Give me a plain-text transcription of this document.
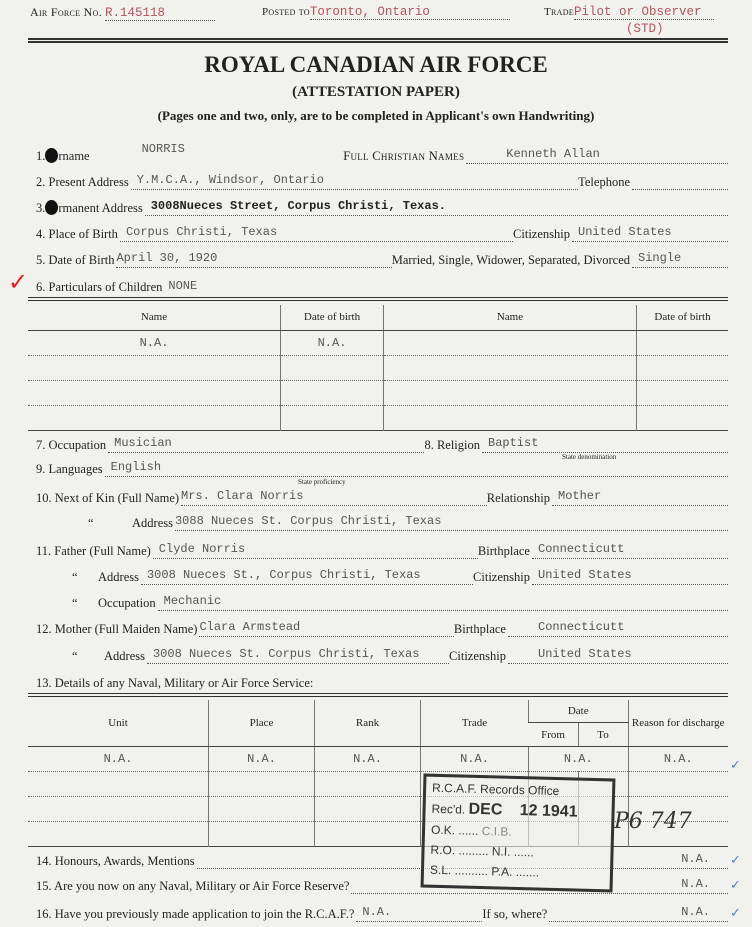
Air Force No. R.145118	Posted toToronto, Ontario	TradePilot or Observer
(STD)
ROYAL CANADIAN AIR FORCE
(ATTESTATION PAPER)
(Pages one and two, only, are to be completed in Applicant's own Handwriting)
1. rname	NORRIS	Full Christian Names	Kenneth Allan
2. Present Address Y.M.C.A., Windsor, Ontario	Telephone
3. rmanent Address 3008Nueces Street, Corpus Christi, Texas.
4. Place of Birth Corpus Christi, Texas	Citizenship United States
5. Date of Birth April 30, 1920	Married, Single, Widower, Separated, Divorced Single
✓ 6. Particulars of Children NONE
Name	Date of birth	Name	Date of birth
N.A.	N.A.		

7. Occupation Musician	8. Religion Baptist
State denomination
9. Languages English
State proficiency
10. Next of Kin (Full Name) Mrs. Clara Norris	Relationship Mother
“	Address 3088 Nueces St. Corpus Christi, Texas
11. Father (Full Name) Clyde Norris	Birthplace Connecticutt
“	Address 3008 Nueces St., Corpus Christi, Texas	Citizenship United States
“	Occupation Mechanic
12. Mother (Full Maiden Name) Clara Armstead	Birthplace	Connecticutt
“	Address 3008 Nueces St. Corpus Christi, Texas	Citizenship	United States
13. Details of any Naval, Military or Air Force Service:
Unit	Place	Rank	Trade	Date		Reason for discharge
				From	To	
N.A.	N.A.	N.A.	N.A.	N.A.		N.A.

14. Honours, Awards, Mentions	N.A.
15. Are you now on any Naval, Military or Air Force Reserve?	N.A.
16. Have you previously made application to join the R.C.A.F.? N.A.	If so, where?	N.A.
✓
✓
✓
✓
R.C.A.F. Records Office
Rec'd. DEC 12 1941
O.K. ...... C.I.B.
R.O. ......... N.I. ......
S.L. .......... P.A. .......
P6 747
